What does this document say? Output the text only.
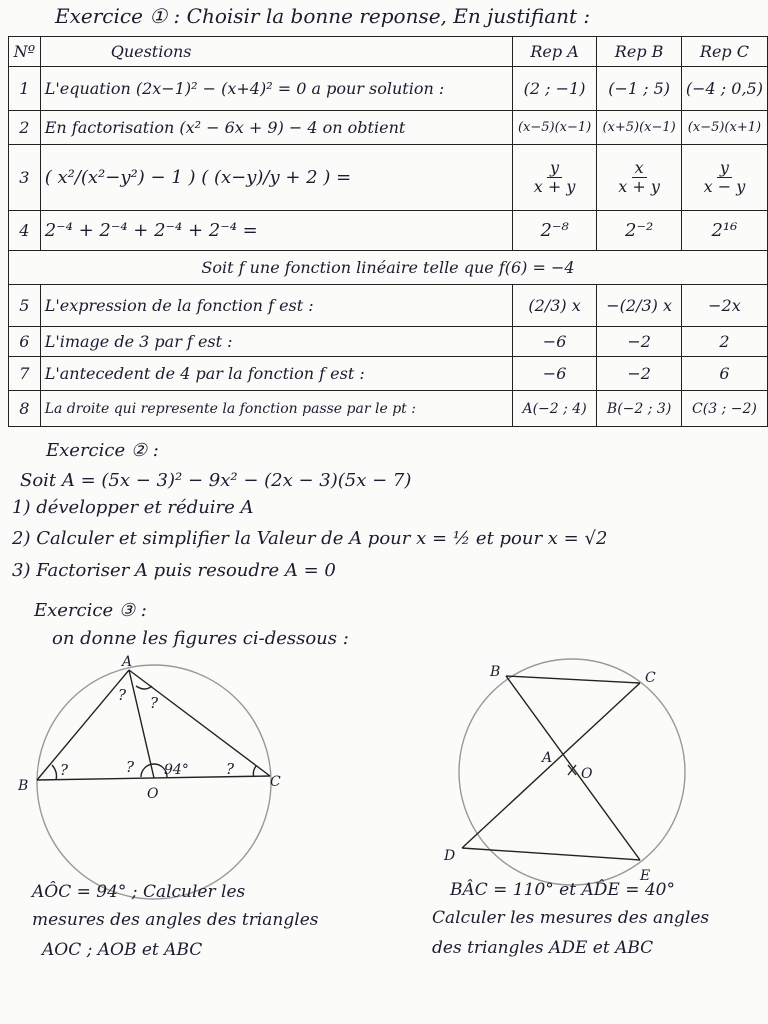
Exercice ① : Choisir la bonne reponse, En justifiant :
Nº	Questions	Rep A	Rep B	Rep C
1	L'equation (2x−1)² − (x+4)² = 0 a pour solution :	(2 ; −1)	(−1 ; 5)	(−4 ; 0,5)
2	En factorisation (x² − 6x + 9) − 4 on obtient	(x−5)(x−1)	(x+5)(x−1)	(x−5)(x+1)
3	( x²/(x²−y²) − 1 ) ( (x−y)/y + 2 ) =	$\frac{y}{x + y}$	$\frac{x}{x + y}$	$\frac{y}{x - y}$

4	2⁻⁴ + 2⁻⁴ + 2⁻⁴ + 2⁻⁴ =	2⁻⁸	2⁻²	2¹⁶
Soit f une fonction linéaire telle que f(6) = −4				
5	L'expression de la fonction f est :	(2/3) x	−(2/3) x	−2x
6	L'image de 3 par f est :	−6	−2	2
7	L'antecedent de 4 par la fonction f est :	−6	−2	6
8	La droite qui represente la fonction passe par le pt :	A(−2 ; 4)	B(−2 ; 3)	C(3 ; −2)
Exercice ② :
Soit A = (5x − 3)² − 9x² − (2x − 3)(5x − 7)
1) développer et réduire A
2) Calculer et simplifier la Valeur de A pour x = ½ et pour x = √2
3) Factoriser A puis resoudre A = 0
Exercice ③ :
on donne les figures ci-dessous :
A
B	C
O
94°
? ?
?	?	?
B	C
A
O
D
E
AÔC = 94° ; Calculer les
mesures des angles des triangles
AOC ; AOB et ABC
BÂC = 110° et AD̂E = 40°
Calculer les mesures des angles
des triangles ADE et ABC
